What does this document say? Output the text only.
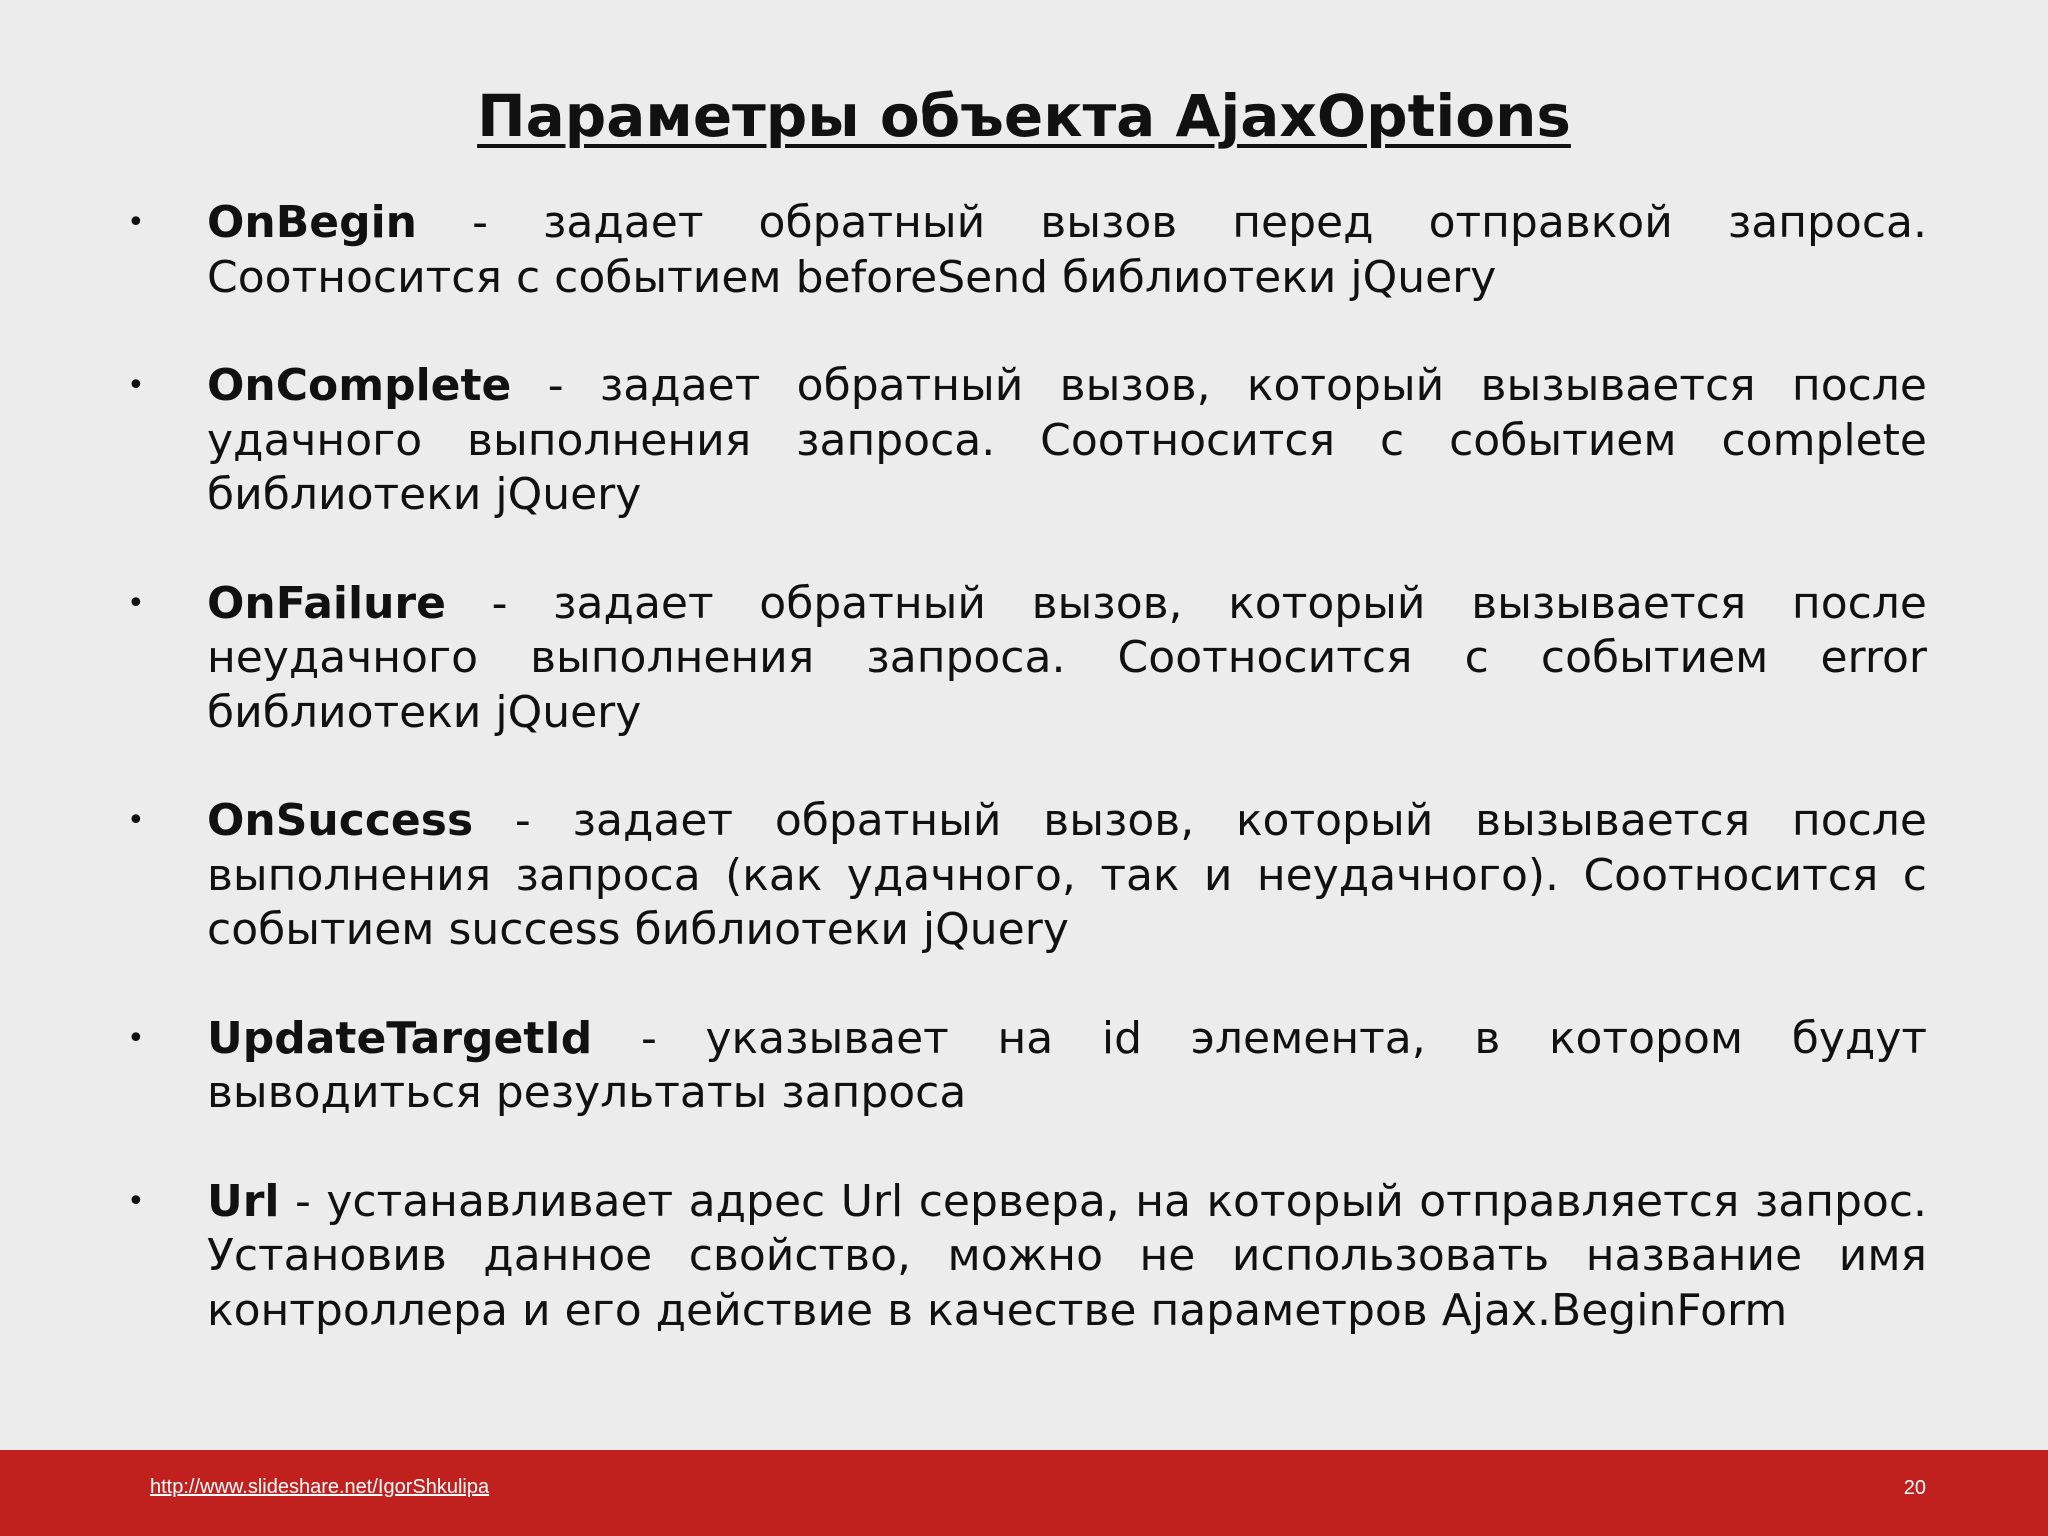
Параметры объекта AjaxOptions
• OnBegin - задает обратный вызов перед отправкой запроса. Соотносится с событием beforeSend библиотеки jQuery
• OnComplete - задает обратный вызов, который вызывается после удачного выполнения запроса. Соотносится с событием complete библиотеки jQuery
• OnFailure - задает обратный вызов, который вызывается после неудачного выполнения запроса. Соотносится с событием error библиотеки jQuery
• OnSuccess - задает обратный вызов, который вызывается после выполнения запроса (как удачного, так и неудачного). Соотносится с событием success библиотеки jQuery
• UpdateTargetId - указывает на id элемента, в котором будут выводиться результаты запроса
• Url - устанавливает адрес Url сервера, на который отправляется запрос. Установив данное свойство, можно не использовать название имя контроллера и его действие в качестве параметров Ajax.BeginForm
http://www.slideshare.net/IgorShkulipa	20
